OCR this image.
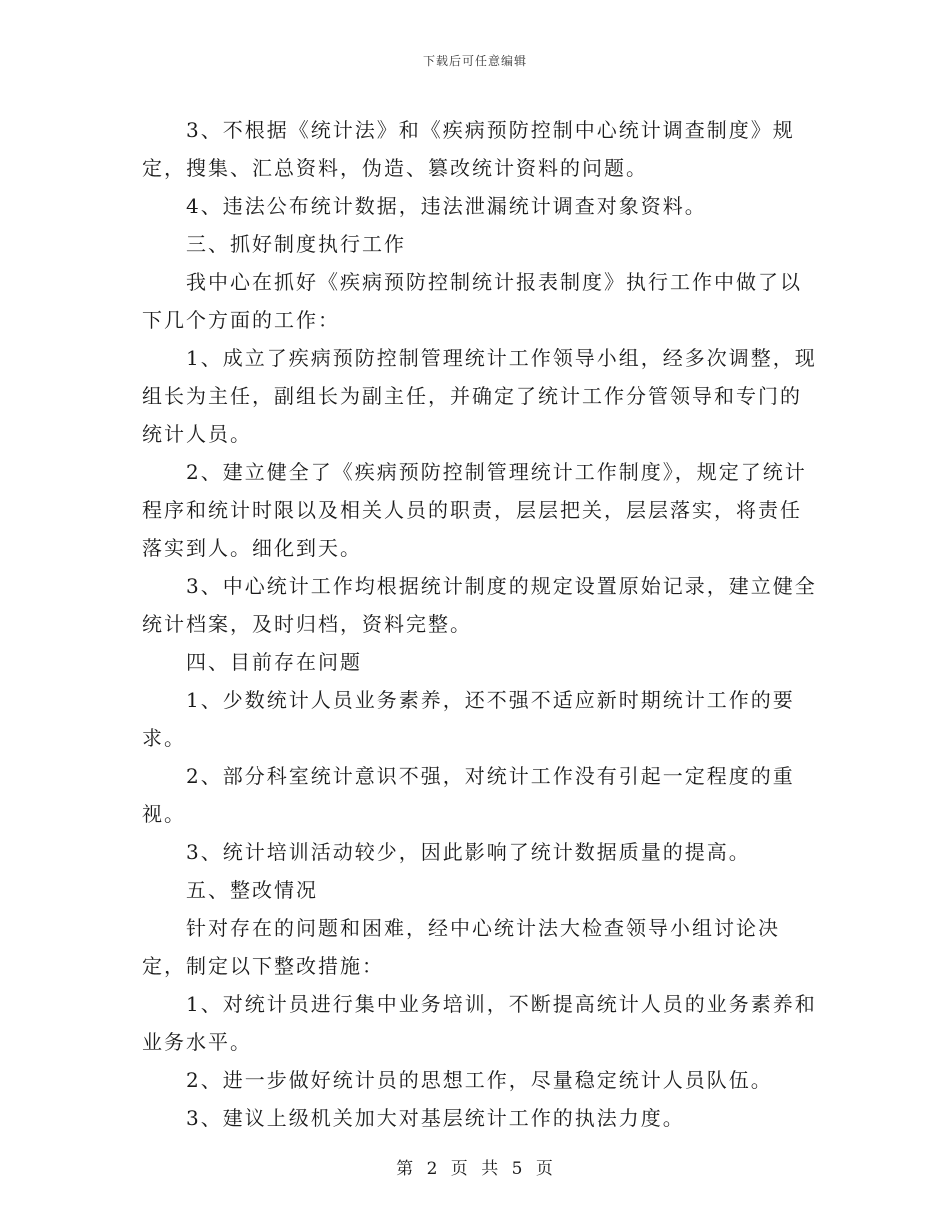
下载后可任意编辑

3、不根据《统计法》和《疾病预防控制中心统计调查制度》规定，搜集、汇总资料，伪造、篡改统计资料的问题。

4、违法公布统计数据，违法泄漏统计调查对象资料。

三、抓好制度执行工作

我中心在抓好《疾病预防控制统计报表制度》执行工作中做了以下几个方面的工作：

1、成立了疾病预防控制管理统计工作领导小组，经多次调整，现组长为主任，副组长为副主任，并确定了统计工作分管领导和专门的统计人员。

2、建立健全了《疾病预防控制管理统计工作制度》，规定了统计程序和统计时限以及相关人员的职责，层层把关，层层落实，将责任落实到人。细化到天。

3、中心统计工作均根据统计制度的规定设置原始记录，建立健全统计档案，及时归档，资料完整。

四、目前存在问题

1、少数统计人员业务素养，还不强不适应新时期统计工作的要求。

2、部分科室统计意识不强，对统计工作没有引起一定程度的重视。

3、统计培训活动较少，因此影响了统计数据质量的提高。

五、整改情况

针对存在的问题和困难，经中心统计法大检查领导小组讨论决定，制定以下整改措施：

1、对统计员进行集中业务培训，不断提高统计人员的业务素养和业务水平。

2、进一步做好统计员的思想工作，尽量稳定统计人员队伍。

3、建议上级机关加大对基层统计工作的执法力度。

第 2 页 共 5 页
